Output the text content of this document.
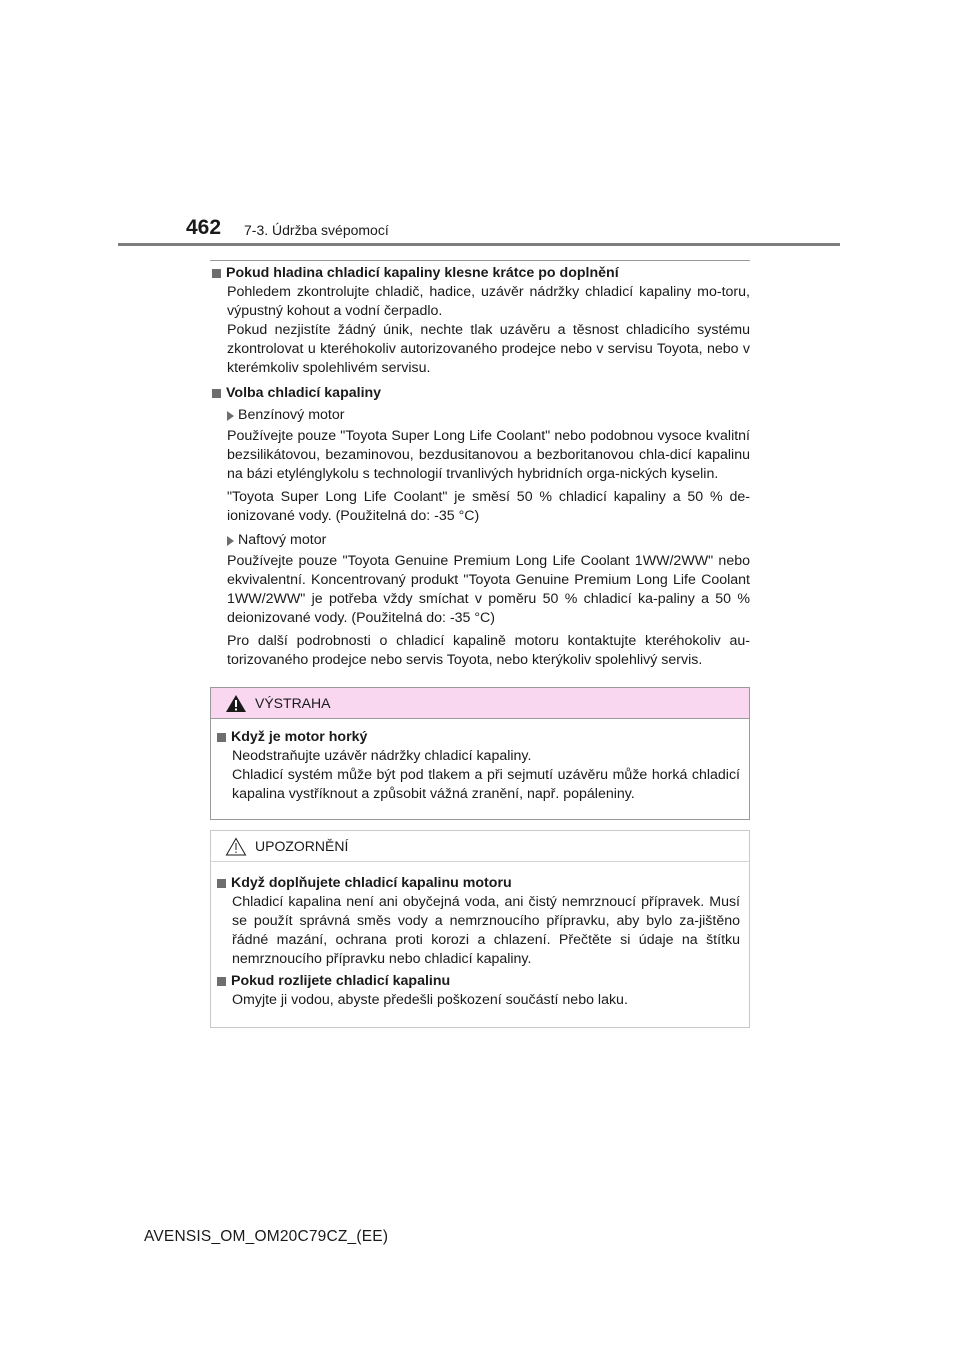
462 7-3. Údržba svépomocí
Pokud hladina chladicí kapaliny klesne krátce po doplnění

Pohledem zkontrolujte chladič, hadice, uzávěr nádržky chladicí kapaliny mo-toru, výpustný kohout a vodní čerpadlo.

Pokud nezjistíte žádný únik, nechte tlak uzávěru a těsnost chladicího systému zkontrolovat u kteréhokoliv autorizovaného prodejce nebo v servisu Toyota, nebo v kterémkoliv spolehlivém servisu.

Volba chladicí kapaliny
Benzínový motor

Používejte pouze "Toyota Super Long Life Coolant" nebo podobnou vysoce kvalitní bezsilikátovou, bezaminovou, bezdusitanovou a bezboritanovou chla-dicí kapalinu na bázi etylénglykolu s technologií trvanlivých hybridních orga-nických kyselin.

"Toyota Super Long Life Coolant" je směsí 50 % chladicí kapaliny a 50 % de-ionizované vody. (Použitelná do: -35 °C)

Naftový motor

Používejte pouze "Toyota Genuine Premium Long Life Coolant 1WW/2WW" nebo ekvivalentní. Koncentrovaný produkt "Toyota Genuine Premium Long Life Coolant 1WW/2WW" je potřeba vždy smíchat v poměru 50 % chladicí ka-paliny a 50 % deionizované vody. (Použitelná do: -35 °C)

Pro další podrobnosti o chladicí kapalině motoru kontaktujte kteréhokoliv au-torizovaného prodejce nebo servis Toyota, nebo kterýkoliv spolehlivý servis.

VÝSTRAHA
Když je motor horký

Neodstraňujte uzávěr nádržky chladicí kapaliny.

Chladicí systém může být pod tlakem a při sejmutí uzávěru může horká chladicí kapalina vystříknout a způsobit vážná zranění, např. popáleniny.

UPOZORNĚNÍ
Když doplňujete chladicí kapalinu motoru

Chladicí kapalina není ani obyčejná voda, ani čistý nemrznoucí přípravek. Musí se použít správná směs vody a nemrznoucího přípravku, aby bylo za-jištěno řádné mazání, ochrana proti korozi a chlazení. Přečtěte si údaje na štítku nemrznoucího přípravku nebo chladicí kapaliny.

Pokud rozlijete chladicí kapalinu

Omyjte ji vodou, abyste předešli poškození součástí nebo laku.

AVENSIS_OM_OM20C79CZ_(EE)
